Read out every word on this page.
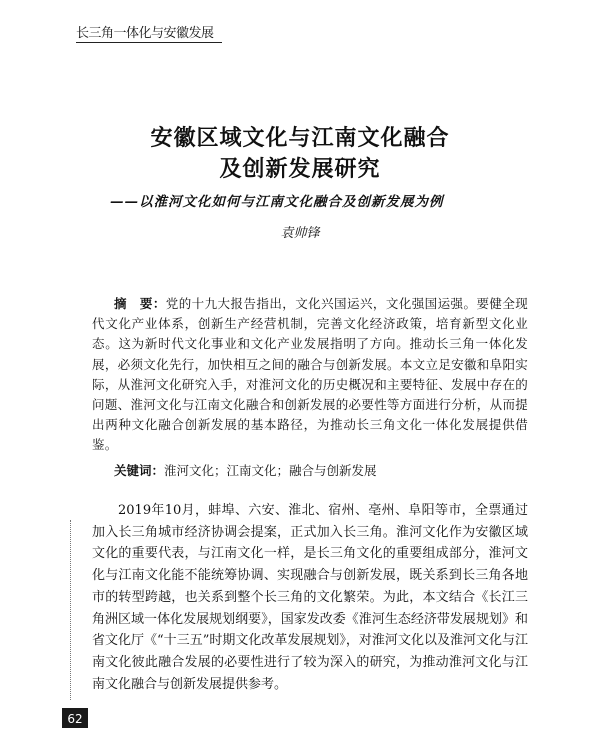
长三角一体化与安徽发展
安徽区域文化与江南文化融合
及创新发展研究
——以淮河文化如何与江南文化融合及创新发展为例
袁帅锋
摘　要：党的十九大报告指出，文化兴国运兴，文化强国运强。要健全现代文化产业体系，创新生产经营机制，完善文化经济政策，培育新型文化业态。这为新时代文化事业和文化产业发展指明了方向。推动长三角一体化发展，必须文化先行，加快相互之间的融合与创新发展。本文立足安徽和阜阳实际，从淮河文化研究入手，对淮河文化的历史概况和主要特征、发展中存在的问题、淮河文化与江南文化融合和创新发展的必要性等方面进行分析，从而提出两种文化融合创新发展的基本路径，为推动长三角文化一体化发展提供借鉴。
关键词：淮河文化；江南文化；融合与创新发展
2019年10月，蚌埠、六安、淮北、宿州、亳州、阜阳等市，全票通过加入长三角城市经济协调会提案，正式加入长三角。淮河文化作为安徽区域文化的重要代表，与江南文化一样，是长三角文化的重要组成部分，淮河文化与江南文化能不能统筹协调、实现融合与创新发展，既关系到长三角各地市的转型跨越，也关系到整个长三角的文化繁荣。为此，本文结合《长江三角洲区域一体化发展规划纲要》，国家发改委《淮河生态经济带发展规划》和省文化厅《“十三五”时期文化改革发展规划》，对淮河文化以及淮河文化与江南文化彼此融合发展的必要性进行了较为深入的研究，为推动淮河文化与江南文化融合与创新发展提供参考。
62
